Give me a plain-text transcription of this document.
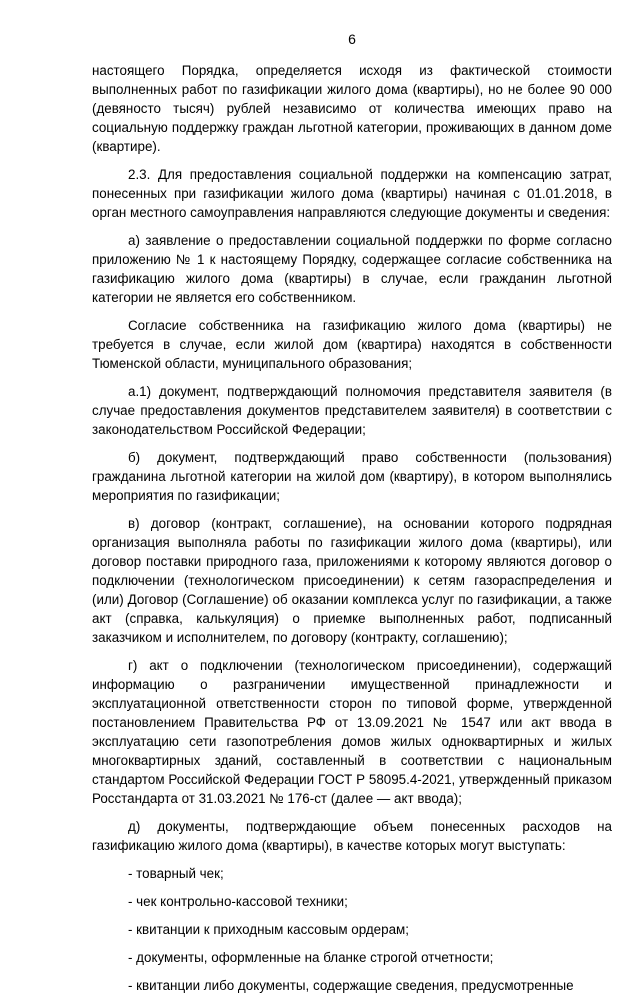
6

настоящего Порядка, определяется исходя из фактической стоимости выполненных работ по газификации жилого дома (квартиры), но не более 90 000 (девяносто тысяч) рублей независимо от количества имеющих право на социальную поддержку граждан льготной категории, проживающих в данном доме (квартире).

2.3. Для предоставления социальной поддержки на компенсацию затрат, понесенных при газификации жилого дома (квартиры) начиная с 01.01.2018, в орган местного самоуправления направляются следующие документы и сведения:

а) заявление о предоставлении социальной поддержки по форме согласно приложению № 1 к настоящему Порядку, содержащее согласие собственника на газификацию жилого дома (квартиры) в случае, если гражданин льготной категории не является его собственником.

Согласие собственника на газификацию жилого дома (квартиры) не требуется в случае, если жилой дом (квартира) находятся в собственности Тюменской области, муниципального образования;

а.1) документ, подтверждающий полномочия представителя заявителя (в случае предоставления документов представителем заявителя) в соответствии с законодательством Российской Федерации;

б) документ, подтверждающий право собственности (пользования) гражданина льготной категории на жилой дом (квартиру), в котором выполнялись мероприятия по газификации;

в) договор (контракт, соглашение), на основании которого подрядная организация выполняла работы по газификации жилого дома (квартиры), или договор поставки природного газа, приложениями к которому являются договор о подключении (технологическом присоединении) к сетям газораспределения и (или) Договор (Соглашение) об оказании комплекса услуг по газификации, а также акт (справка, калькуляция) о приемке выполненных работ, подписанный заказчиком и исполнителем, по договору (контракту, соглашению);

г) акт о подключении (технологическом присоединении), содержащий информацию о разграничении имущественной принадлежности и эксплуатационной ответственности сторон по типовой форме, утвержденной постановлением Правительства РФ от 13.09.2021 № 1547 или акт ввода в эксплуатацию сети газопотребления домов жилых одноквартирных и жилых многоквартирных зданий, составленный в соответствии с национальным стандартом Российской Федерации ГОСТ Р 58095.4-2021, утвержденный приказом Росстандарта от 31.03.2021 № 176-ст (далее — акт ввода);

д) документы, подтверждающие объем понесенных расходов на газификацию жилого дома (квартиры), в качестве которых могут выступать:

- товарный чек;
- чек контрольно-кассовой техники;
- квитанции к приходным кассовым ордерам;
- документы, оформленные на бланке строгой отчетности;
- квитанции либо документы, содержащие сведения, предусмотренные
